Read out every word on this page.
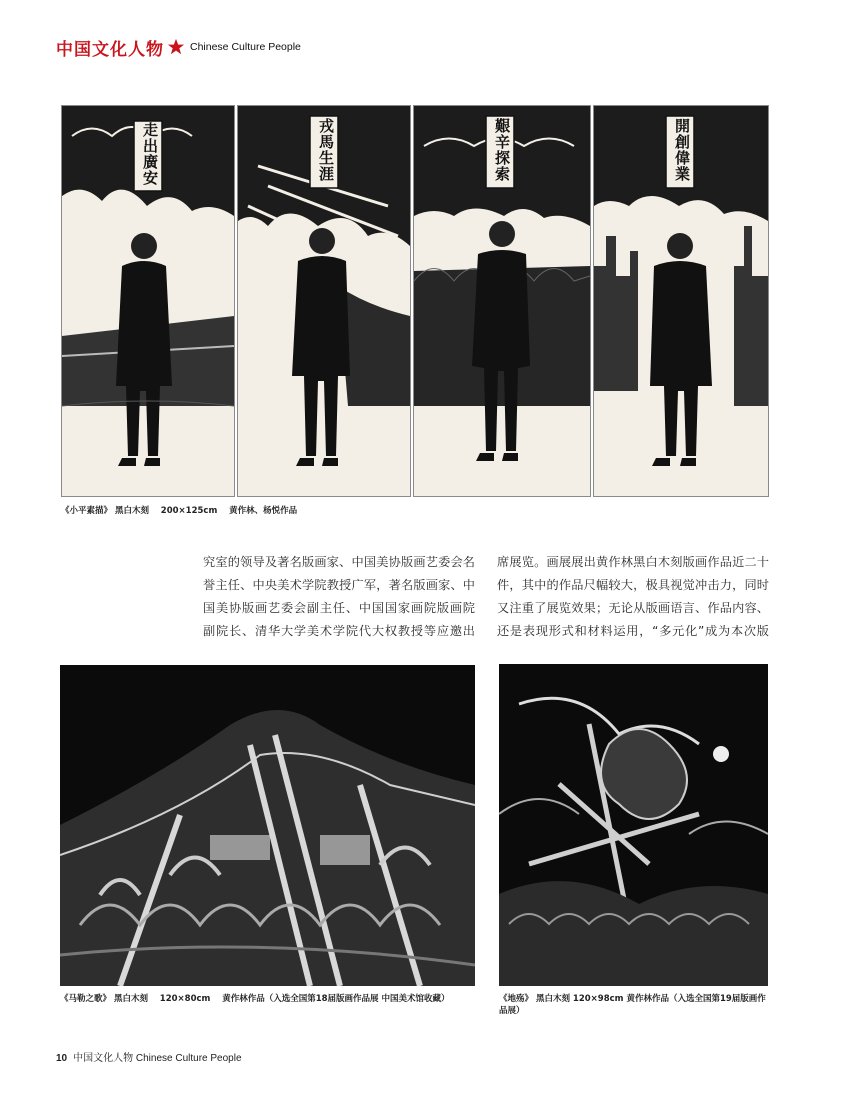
中国文化人物 Chinese Culture People
走出廣安	戎馬生涯	艱辛探索	開創偉業
《小平素描》 黑白木刻    200×125cm    黄作林、杨悦作品

究室的领导及著名版画家、中国美协版画艺委会名

誉主任、中央美术学院教授广军，著名版画家、中

国美协版画艺委会副主任、中国国家画院版画院

副院长、清华大学美术学院代大权教授等应邀出

席展览。画展展出黄作林黑白木刻版画作品近二十

件，其中的作品尺幅较大，极具视觉冲击力，同时

又注重了展览效果；无论从版画语言、作品内容、

还是表现形式和材料运用，“多元化”成为本次版

《马勒之歌》 黑白木刻    120×80cm    黄作林作品（入选全国第18届版画作品展 中国美术馆收藏）	《地殇》 黑白木刻 120×98cm 黄作林作品（入选全国第19届版画作品展）
10 中国文化人物 Chinese Culture People
